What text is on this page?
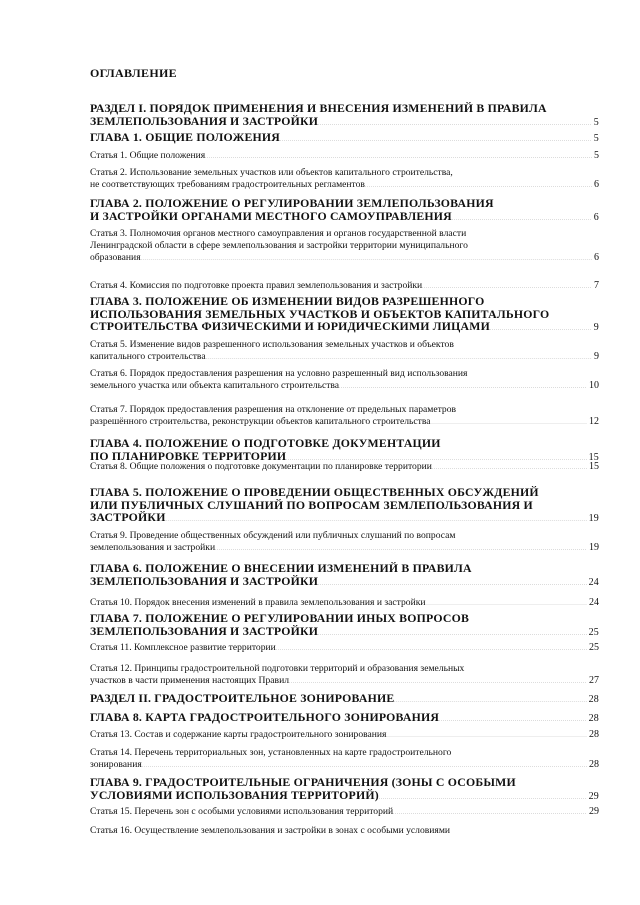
ОГЛАВЛЕНИЕ
РАЗДЕЛ I. ПОРЯДОК ПРИМЕНЕНИЯ И ВНЕСЕНИЯ ИЗМЕНЕНИЙ В ПРАВИЛА
ЗЕМЛЕПОЛЬЗОВАНИЯ И ЗАСТРОЙКИ . . .	5
ГЛАВА 1. ОБЩИЕ ПОЛОЖЕНИЯ . . .	5
Статья 1. Общие положения . . .	5
Статья 2. Использование земельных участков или объектов капитального строительства,
не соответствующих требованиям градостроительных регламентов . . .	6
ГЛАВА 2. ПОЛОЖЕНИЕ О РЕГУЛИРОВАНИИ ЗЕМЛЕПОЛЬЗОВАНИЯ
И ЗАСТРОЙКИ ОРГАНАМИ МЕСТНОГО САМОУПРАВЛЕНИЯ . . .	6
Статья 3. Полномочия органов местного самоуправления и органов государственной власти
Ленинградской области в сфере землепользования и застройки территории муниципального
образования . . .	6
Статья 4. Комиссия по подготовке проекта правил землепользования и застройки . . .	7
ГЛАВА 3. ПОЛОЖЕНИЕ ОБ ИЗМЕНЕНИИ ВИДОВ РАЗРЕШЕННОГО
ИСПОЛЬЗОВАНИЯ ЗЕМЕЛЬНЫХ УЧАСТКОВ И ОБЪЕКТОВ КАПИТАЛЬНОГО
СТРОИТЕЛЬСТВА ФИЗИЧЕСКИМИ И ЮРИДИЧЕСКИМИ ЛИЦАМИ . . .	9
Статья 5. Изменение видов разрешенного использования земельных участков и объектов
капитального строительства . . .	9
Статья 6. Порядок предоставления разрешения на условно разрешенный вид использования
земельного участка или объекта капитального строительства . . .	10
Статья 7. Порядок предоставления разрешения на отклонение от предельных параметров
разрешённого строительства, реконструкции объектов капитального строительства . . .	12
ГЛАВА 4. ПОЛОЖЕНИЕ О ПОДГОТОВКЕ ДОКУМЕНТАЦИИ
ПО ПЛАНИРОВКЕ ТЕРРИТОРИИ . . .	15
Статья 8. Общие положения о подготовке документации по планировке территории . . .	15
ГЛАВА 5. ПОЛОЖЕНИЕ О ПРОВЕДЕНИИ ОБЩЕСТВЕННЫХ ОБСУЖДЕНИЙ
ИЛИ ПУБЛИЧНЫХ СЛУШАНИЙ ПО ВОПРОСАМ ЗЕМЛЕПОЛЬЗОВАНИЯ И
ЗАСТРОЙКИ . . .	19
Статья 9. Проведение общественных обсуждений или публичных слушаний по вопросам
землепользования и застройки . . .	19
ГЛАВА 6. ПОЛОЖЕНИЕ О ВНЕСЕНИИ ИЗМЕНЕНИЙ В ПРАВИЛА
ЗЕМЛЕПОЛЬЗОВАНИЯ И ЗАСТРОЙКИ . . .	24
Статья 10. Порядок внесения изменений в правила землепользования и застройки . . .	24
ГЛАВА 7. ПОЛОЖЕНИЕ О РЕГУЛИРОВАНИИ ИНЫХ ВОПРОСОВ
ЗЕМЛЕПОЛЬЗОВАНИЯ И ЗАСТРОЙКИ . . .	25
Статья 11. Комплексное развитие территории . . .	25
Статья 12. Принципы градостроительной подготовки территорий и образования земельных
участков в части применения настоящих Правил . . .	27
РАЗДЕЛ II. ГРАДОСТРОИТЕЛЬНОЕ ЗОНИРОВАНИЕ . . .	28
ГЛАВА 8. КАРТА ГРАДОСТРОИТЕЛЬНОГО ЗОНИРОВАНИЯ . . .	28
Статья 13. Состав и содержание карты градостроительного зонирования . . .	28
Статья 14. Перечень территориальных зон, установленных на карте градостроительного
зонирования . . .	28
ГЛАВА 9. ГРАДОСТРОИТЕЛЬНЫЕ ОГРАНИЧЕНИЯ (ЗОНЫ С ОСОБЫМИ
УСЛОВИЯМИ ИСПОЛЬЗОВАНИЯ ТЕРРИТОРИЙ) . . .	29
Статья 15. Перечень зон с особыми условиями использования территорий . . .	29
Статья 16. Осуществление землепользования и застройки в зонах с особыми условиями
